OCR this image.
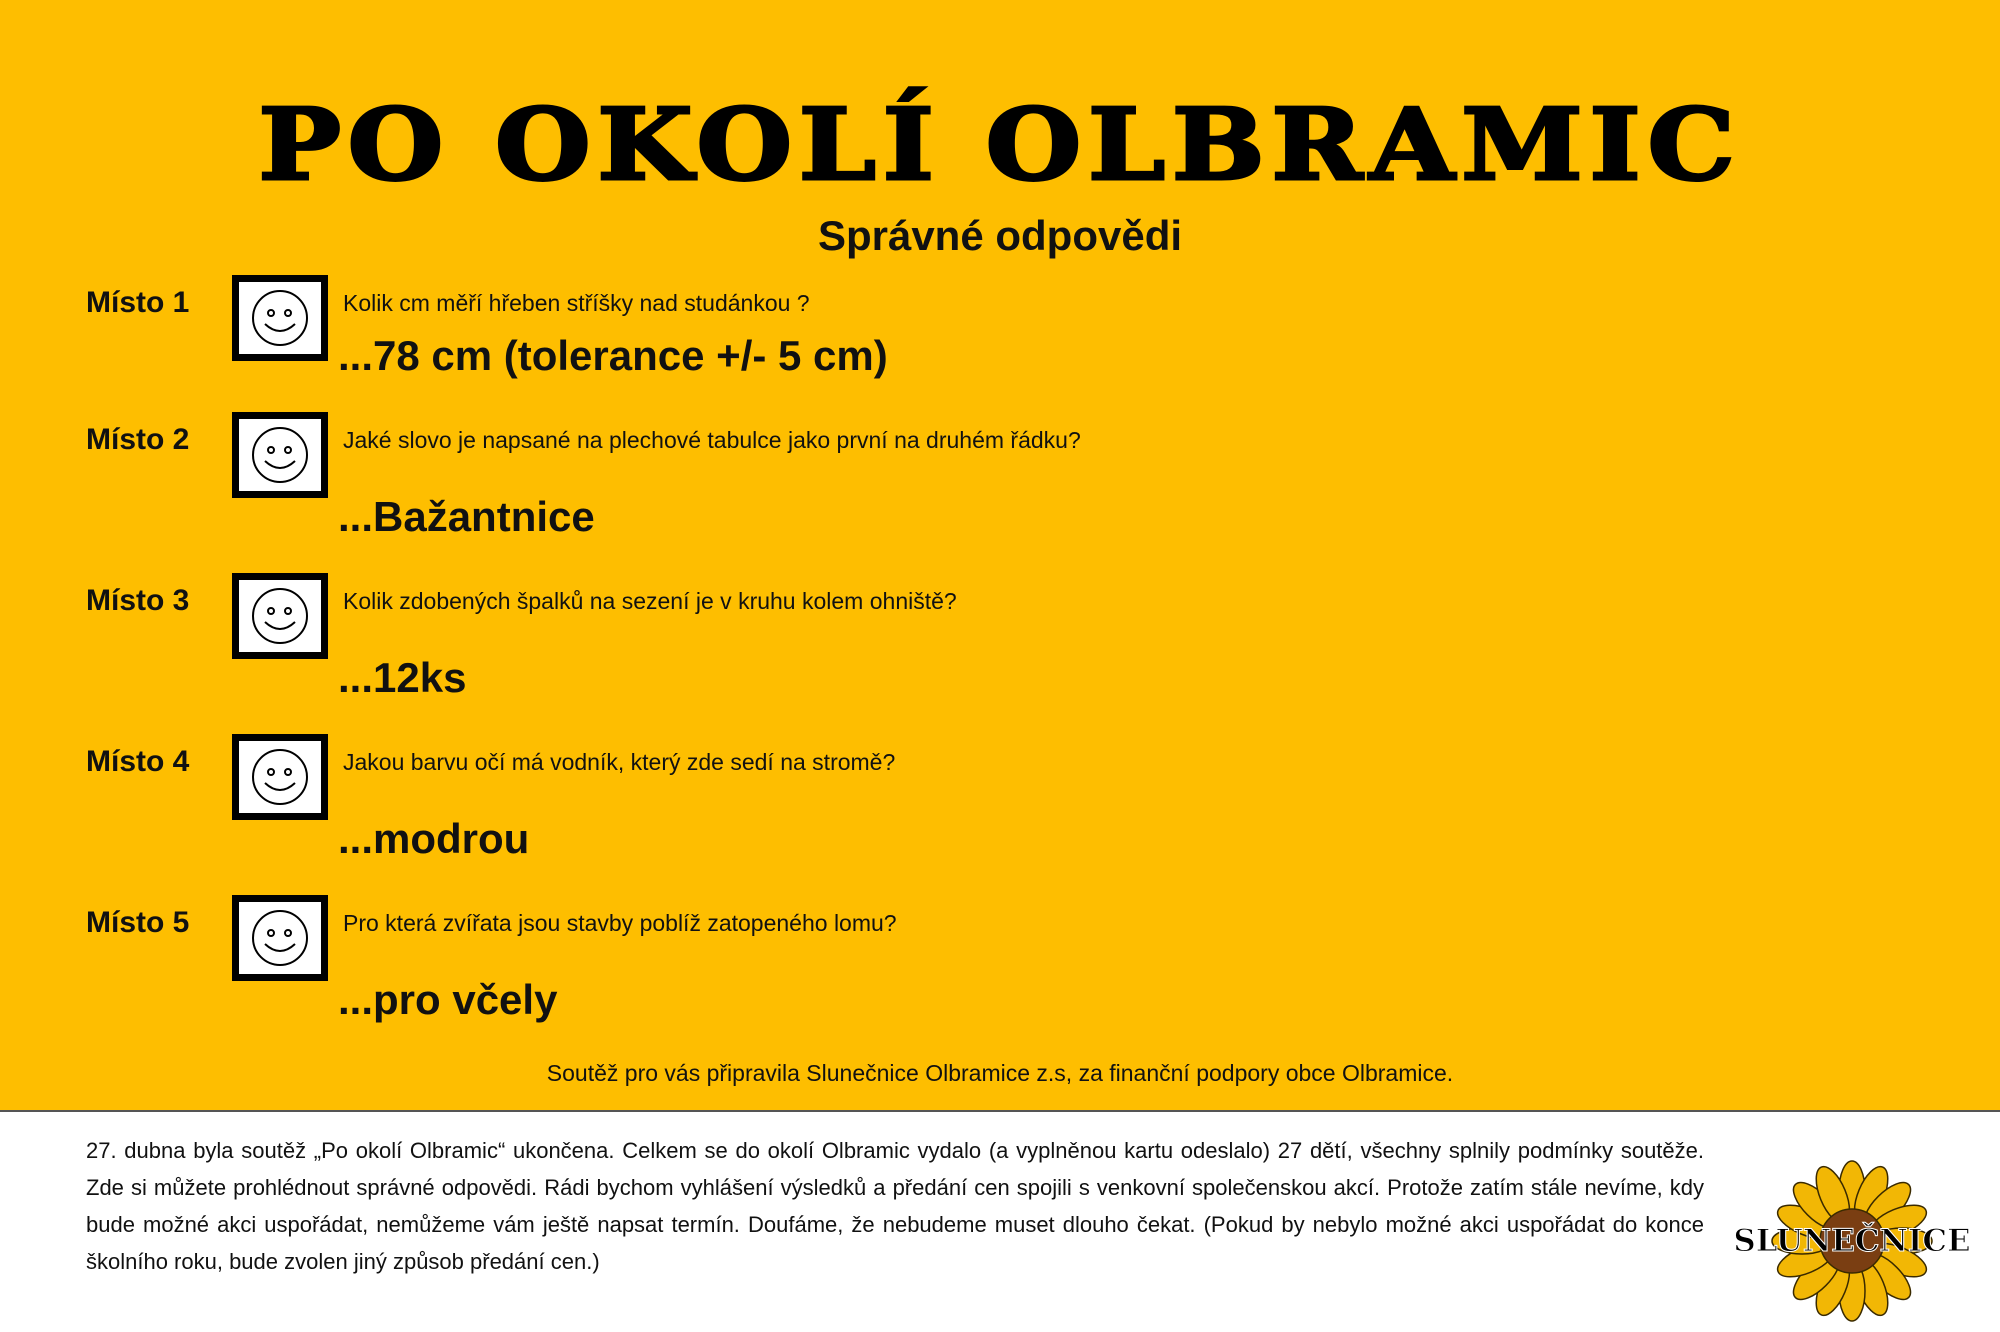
PO OKOLÍ OLBRAMIC
Správné odpovědi
Místo 1	Kolik cm měří hřeben stříšky nad studánkou ?
...78 cm (tolerance +/- 5 cm)
Místo 2	Jaké slovo je napsané na plechové tabulce jako první na druhém řádku?
...Bažantnice
Místo 3	Kolik zdobených špalků na sezení je v kruhu kolem ohniště?
...12ks
Místo 4	Jakou barvu očí má vodník, který zde sedí na stromě?
...modrou
Místo 5	Pro která zvířata jsou stavby poblíž zatopeného lomu?
...pro včely
Soutěž pro vás připravila Slunečnice Olbramice z.s, za finanční podpory obce Olbramice.
27. dubna byla soutěž „Po okolí Olbramic“ ukončena. Celkem se do okolí Olbramic vydalo (a vyplněnou kartu odeslalo) 27 dětí, všechny splnily podmínky soutěže. Zde si můžete prohlédnout správné odpovědi. Rádi bychom vyhlášení výsledků a předání cen spojili s venkovní společenskou akcí. Protože zatím stále nevíme, kdy bude možné akci uspořádat, nemůžeme vám ještě napsat termín. Doufáme, že nebudeme muset dlouho čekat. (Pokud by nebylo možné akci uspořádat do konce školního roku, bude zvolen jiný způsob předání cen.)
SLUNEČNICE
